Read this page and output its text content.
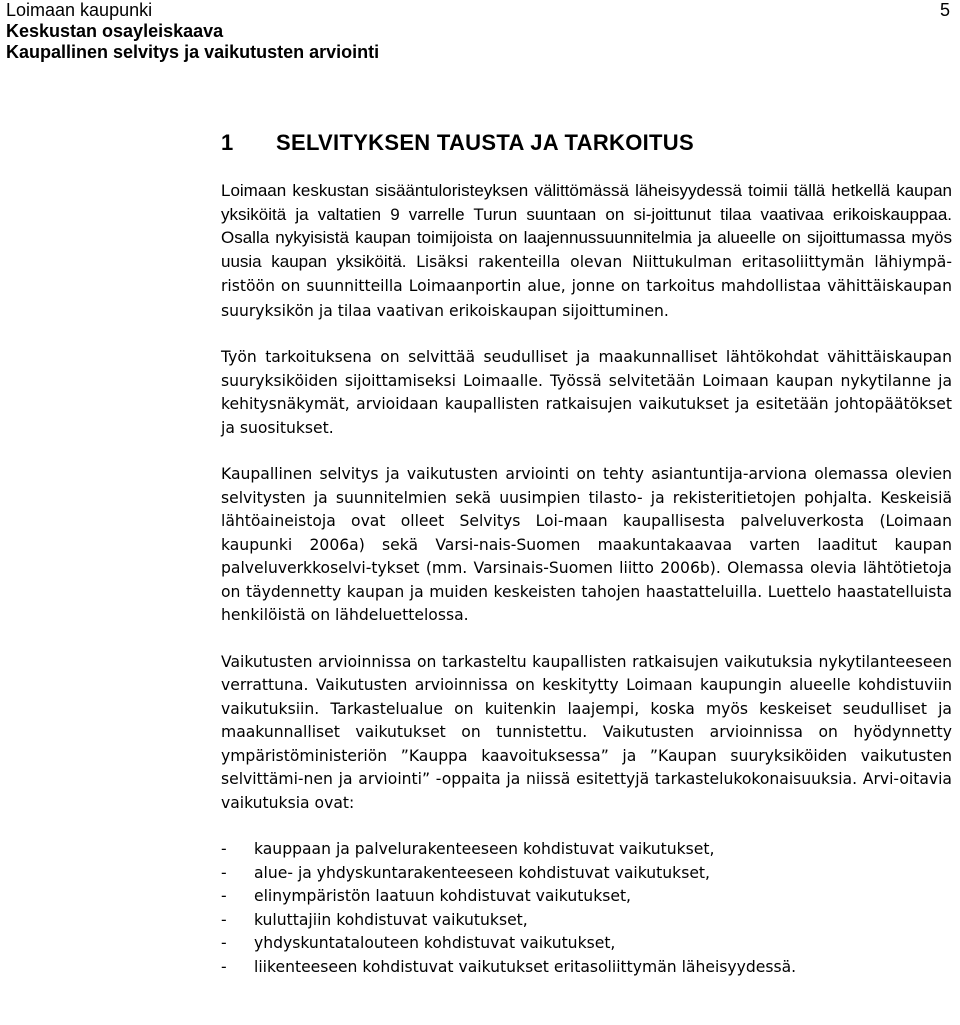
Loimaan kaupunki
Keskustan osayleiskaava
Kaupallinen selvitys ja vaikutusten arviointi
5
1 SELVITYKSEN TAUSTA JA TARKOITUS

Loimaan keskustan sisääntuloristeyksen välittömässä läheisyydessä toimii tällä hetkellä kaupan yksiköitä ja valtatien 9 varrelle Turun suuntaan on si-joittunut tilaa vaativaa erikoiskauppaa. Osalla nykyisistä kaupan toimijoista on laajennussuunnitelmia ja alueelle on sijoittumassa myös uusia kaupan yksiköitä. Lisäksi rakenteilla olevan Niittukulman eritasoliittymän lähiympä-ristöön on suunnitteilla Loimaanportin alue, jonne on tarkoitus mahdollistaa vähittäiskaupan suuryksikön ja tilaa vaativan erikoiskaupan sijoittuminen.

Työn tarkoituksena on selvittää seudulliset ja maakunnalliset lähtökohdat vähittäiskaupan suuryksiköiden sijoittamiseksi Loimaalle. Työssä selvitetään Loimaan kaupan nykytilanne ja kehitysnäkymät, arvioidaan kaupallisten ratkaisujen vaikutukset ja esitetään johtopäätökset ja suositukset.

Kaupallinen selvitys ja vaikutusten arviointi on tehty asiantuntija-arviona olemassa olevien selvitysten ja suunnitelmien sekä uusimpien tilasto- ja rekisteritietojen pohjalta. Keskeisiä lähtöaineistoja ovat olleet Selvitys Loi-maan kaupallisesta palveluverkosta (Loimaan kaupunki 2006a) sekä Varsi-nais-Suomen maakuntakaavaa varten laaditut kaupan palveluverkkoselvi-tykset (mm. Varsinais-Suomen liitto 2006b). Olemassa olevia lähtötietoja on täydennetty kaupan ja muiden keskeisten tahojen haastatteluilla. Luettelo haastatelluista henkilöistä on lähdeluettelossa.

Vaikutusten arvioinnissa on tarkasteltu kaupallisten ratkaisujen vaikutuksia nykytilanteeseen verrattuna. Vaikutusten arvioinnissa on keskitytty Loimaan kaupungin alueelle kohdistuviin vaikutuksiin. Tarkastelualue on kuitenkin laajempi, koska myös keskeiset seudulliset ja maakunnalliset vaikutukset on tunnistettu. Vaikutusten arvioinnissa on hyödynnetty ympäristöministeriön ”Kauppa kaavoituksessa” ja ”Kaupan suuryksiköiden vaikutusten selvittämi-nen ja arviointi” -oppaita ja niissä esitettyjä tarkastelukokonaisuuksia. Arvi-oitavia vaikutuksia ovat:

-	kauppaan ja palvelurakenteeseen kohdistuvat vaikutukset,
-	alue- ja yhdyskuntarakenteeseen kohdistuvat vaikutukset,
-	elinympäristön laatuun kohdistuvat vaikutukset,
-	kuluttajiin kohdistuvat vaikutukset,
-	yhdyskuntatalouteen kohdistuvat vaikutukset,
-	liikenteeseen kohdistuvat vaikutukset eritasoliittymän läheisyydessä.
